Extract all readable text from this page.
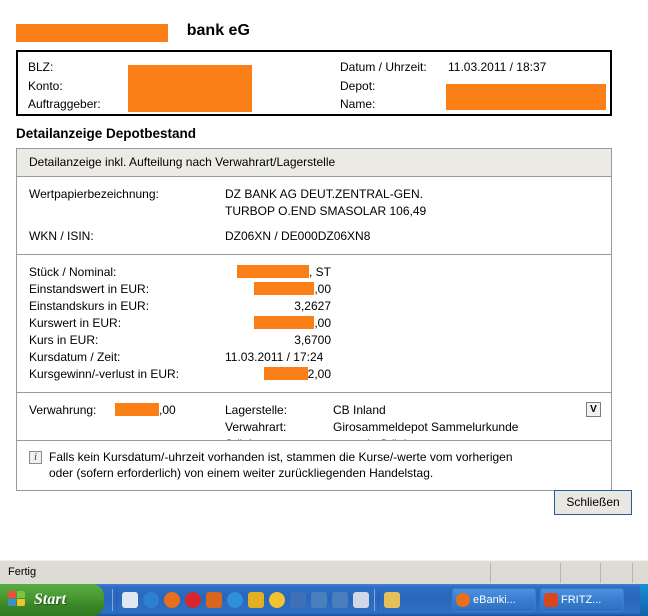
bank eG
BLZ:
Konto:
Auftraggeber:
Datum / Uhrzeit: 11.03.2011 / 18:37
Depot:
Name:
Detailanzeige Depotbestand
Detailanzeige inkl. Aufteilung nach Verwahrart/Lagerstelle
Wertpapierbezeichnung:	DZ BANK AG DEUT.ZENTRAL-GEN.
TURBOP O.END SMASOLAR 106,49
WKN / ISIN:	DZ06XN / DE000DZ06XN8
Stück / Nominal:	, ST
Einstandswert in EUR:	,00
Einstandskurs in EUR:	3,2627
Kurswert in EUR:	,00
Kurs in EUR:	3,6700
Kursdatum / Zeit:	11.03.2011 / 17:24
Kursgewinn/-verlust in EUR:	2,00
Verwahrung:	,00	Lagerstelle:	CB Inland
Verwahrart:	Girosammeldepot Sammelurkunde
V
i	Falls kein Kursdatum/-uhrzeit vorhanden ist, stammen die Kurse/-werte vom vorherigen
oder (sofern erforderlich) von einem weiter zurückliegenden Handelstag.
Schließen
Fertig
Start	eBanki...	FRITZ...
